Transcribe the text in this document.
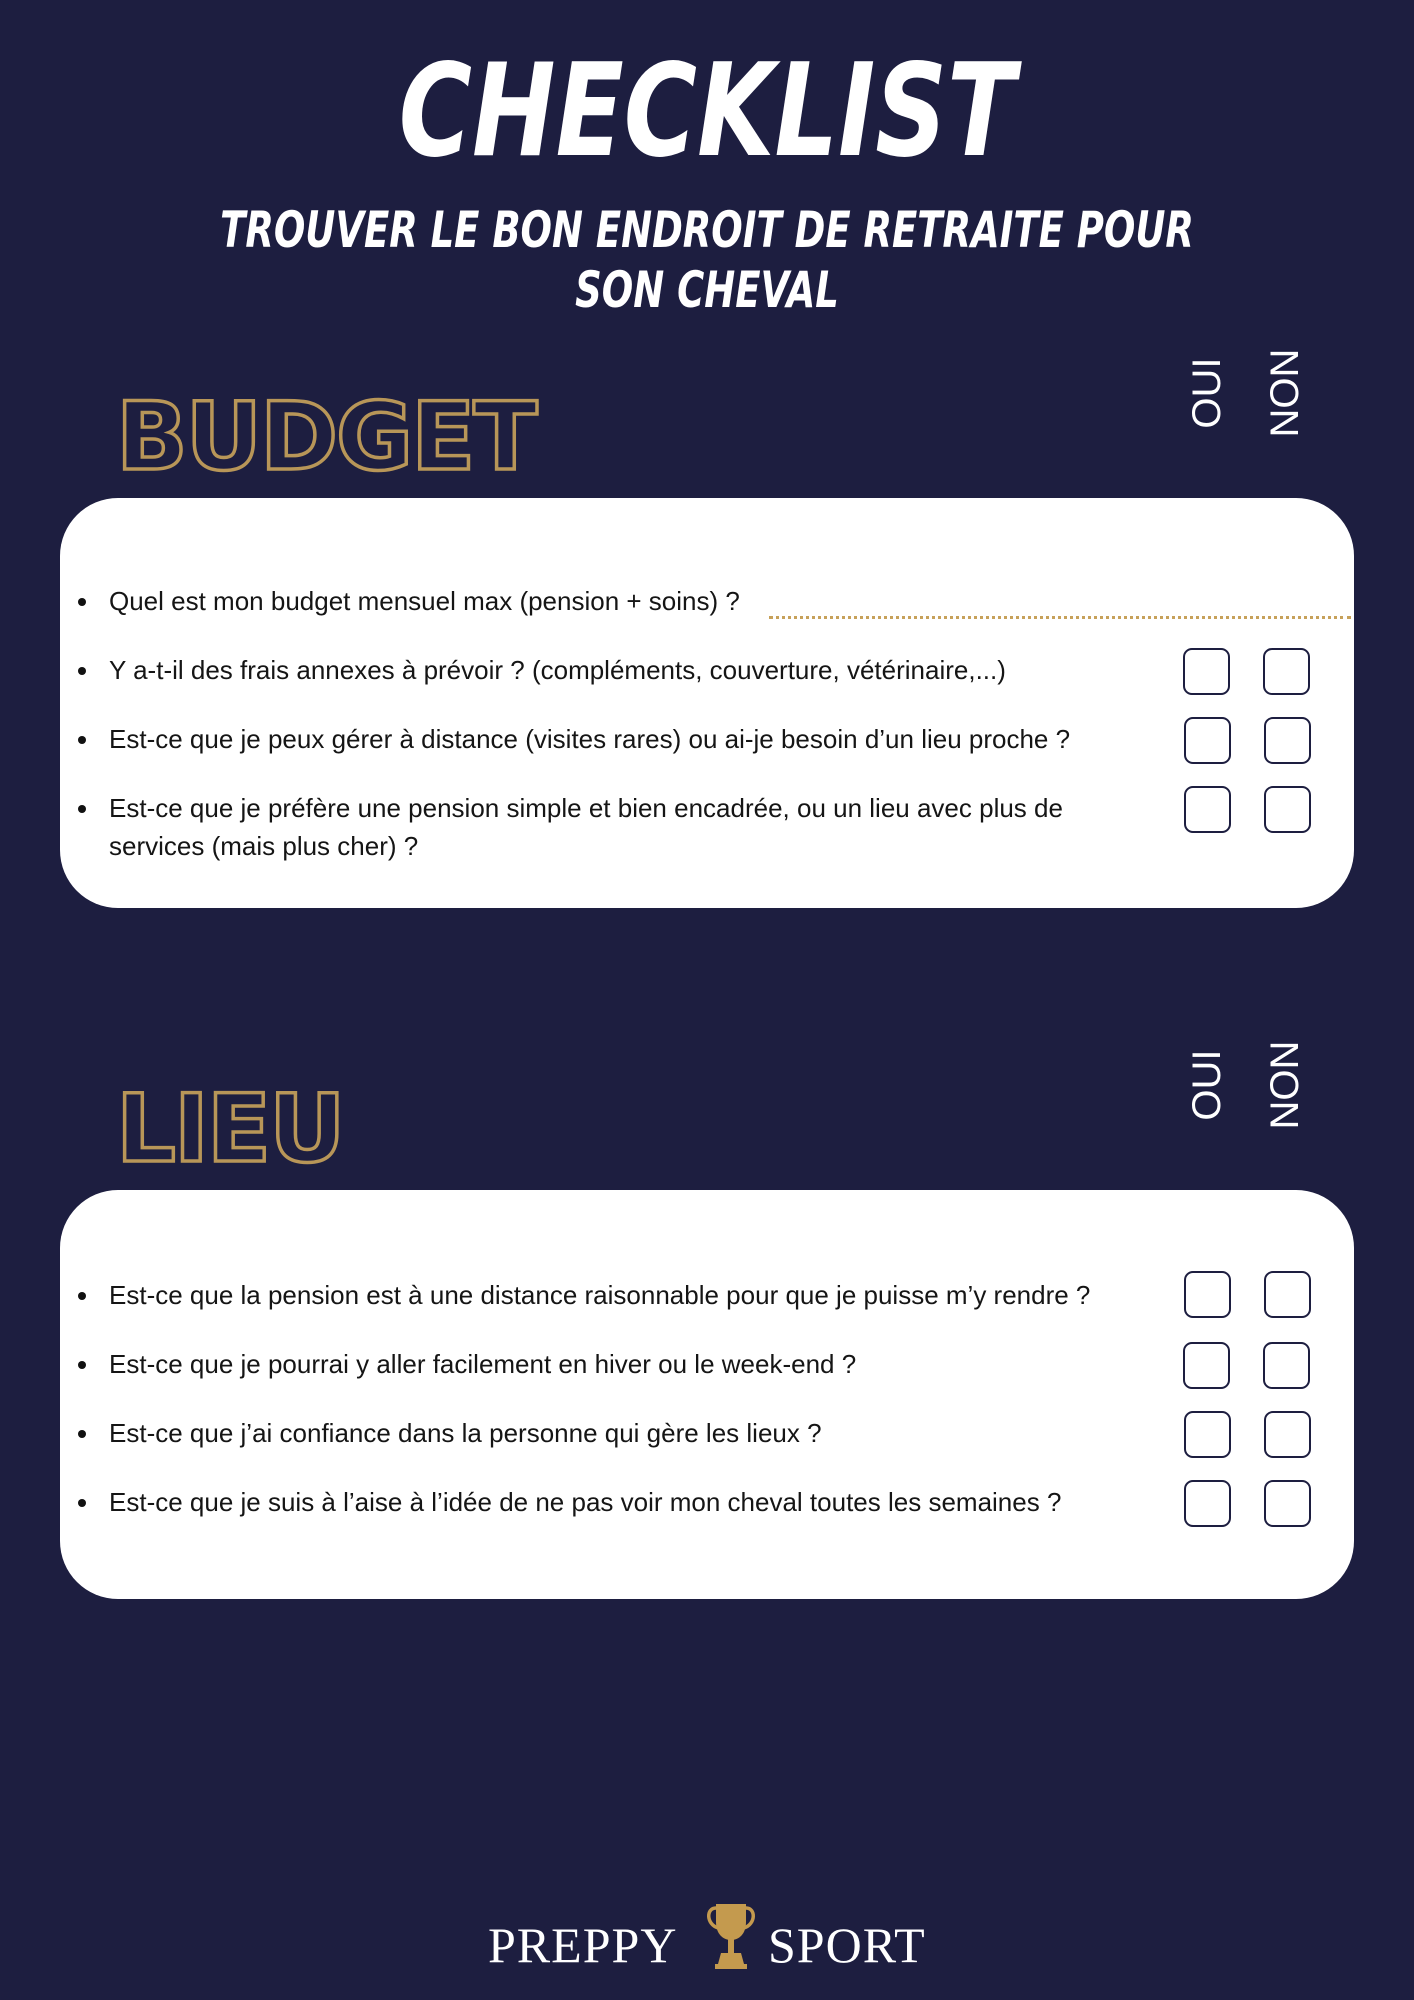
CHECKLIST
TROUVER LE BON ENDROIT DE RETRAITE POUR SON CHEVAL
BUDGET	OUI NON
Quel est mon budget mensuel max (pension + soins) ?
Y a-t-il des frais annexes à prévoir ? (compléments, couverture, vétérinaire,...)
Est-ce que je peux gérer à distance (visites rares) ou ai-je besoin d’un lieu proche ?
Est-ce que je préfère une pension simple et bien encadrée, ou un lieu avec plus de services (mais plus cher) ?
LIEU	OUI NON
Est-ce que la pension est à une distance raisonnable pour que je puisse m’y rendre ?
Est-ce que je pourrai y aller facilement en hiver ou le week-end ?
Est-ce que j’ai confiance dans la personne qui gère les lieux ?
Est-ce que je suis à l’aise à l’idée de ne pas voir mon cheval toutes les semaines ?
PREPPY SPORT
